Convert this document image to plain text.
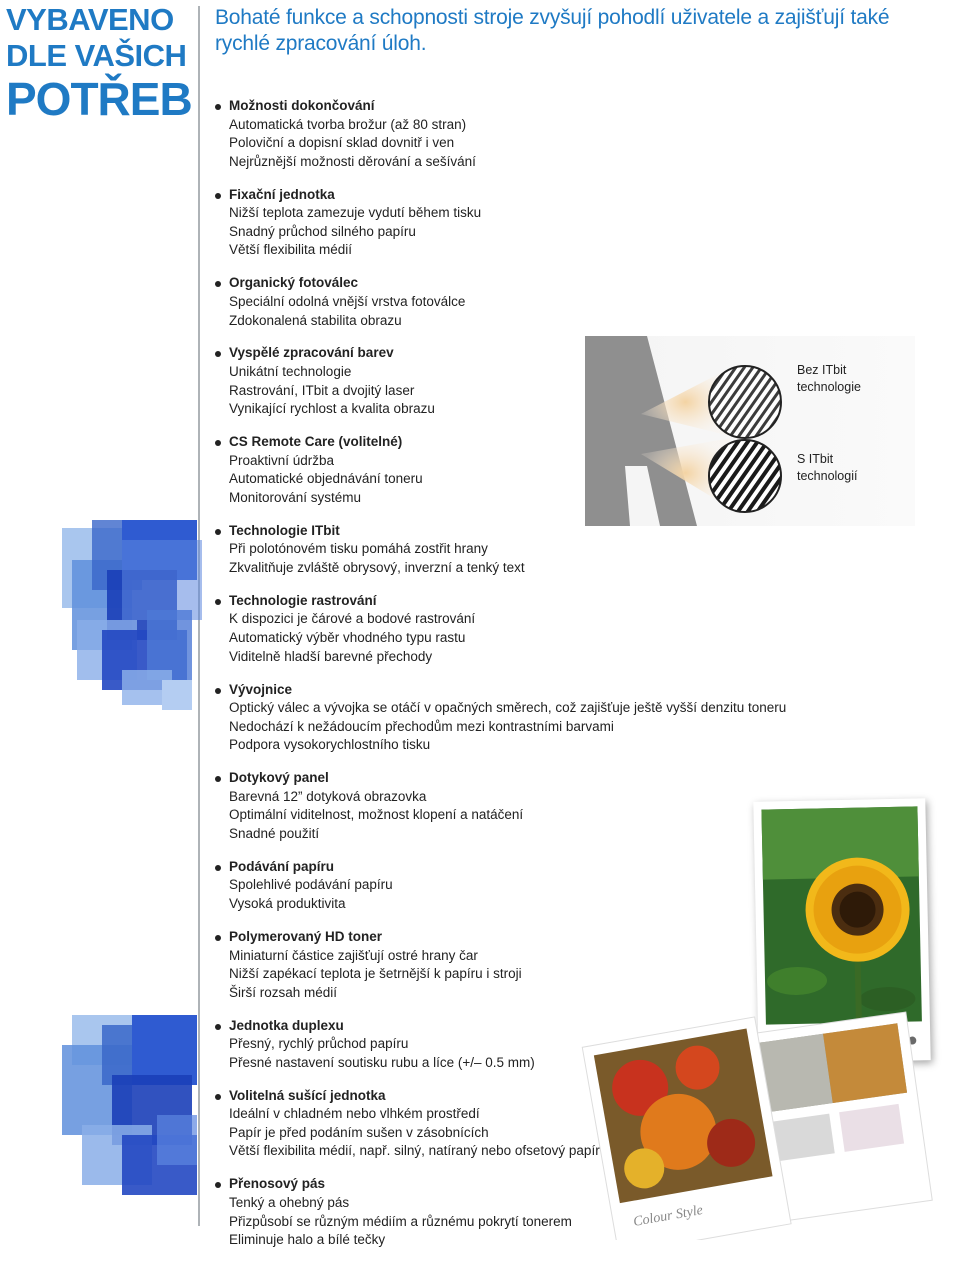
VYBAVENO
DLE VAŠICH
POTŘEB
Bohaté funkce a schopnosti stroje zvyšují pohodlí uživatele a zajišťují také rychlé zpracování úloh.
Možnosti dokončování
Automatická tvorba brožur (až 80 stran)
Poloviční a dopisní sklad dovnitř i ven
Nejrůznější možnosti děrování a sešívání
Fixační jednotka
Nižší teplota zamezuje vydutí během tisku
Snadný průchod silného papíru
Větší flexibilita médií
Organický fotoválec
Speciální odolná vnější vrstva fotoválce
Zdokonalená stabilita obrazu
Vyspělé zpracování barev
Unikátní technologie
Rastrování, ITbit a dvojitý laser
Vynikající rychlost a kvalita obrazu
CS Remote Care (volitelné)
Proaktivní údržba
Automatické objednávání toneru
Monitorování systému
Technologie ITbit
Při polotónovém tisku pomáhá zostřit hrany
Zkvalitňuje zvláště obrysový, inverzní a tenký text
Technologie rastrování
K dispozici je čárové a bodové rastrování
Automatický výběr vhodného typu rastu
Viditelně hladší barevné přechody
Vývojnice
Optický válec a vývojka se otáčí v opačných směrech, což zajišťuje ještě vyšší denzitu toneru
Nedochází k nežádoucím přechodům mezi kontrastními barvami
Podpora vysokorychlostního tisku
Dotykový panel
Barevná 12” dotyková obrazovka
Optimální viditelnost, možnost klopení a natáčení
Snadné použití
Podávání papíru
Spolehlivé podávání papíru
Vysoká produktivita
Polymerovaný HD toner
Miniaturní částice zajišťují ostré hrany čar
Nižší zapékací teplota je šetrnější k papíru i stroji
Širší rozsah médií
Jednotka duplexu
Přesný, rychlý průchod papíru
Přesné nastavení soutisku rubu a líce (+/– 0.5 mm)
Volitelná sušící jednotka
Ideální v chladném nebo vlhkém prostředí
Papír je před podáním sušen v zásobnících
Větší flexibilita médií, např. silný, natíraný nebo ofsetový papír
Přenosový pás
Tenký a ohebný pás
Přizpůsobí se různým médiím a různému pokrytí tonerem
Eliminuje halo a bílé tečky
Bez ITbit technologie
S ITbit technologií
Colour Style
